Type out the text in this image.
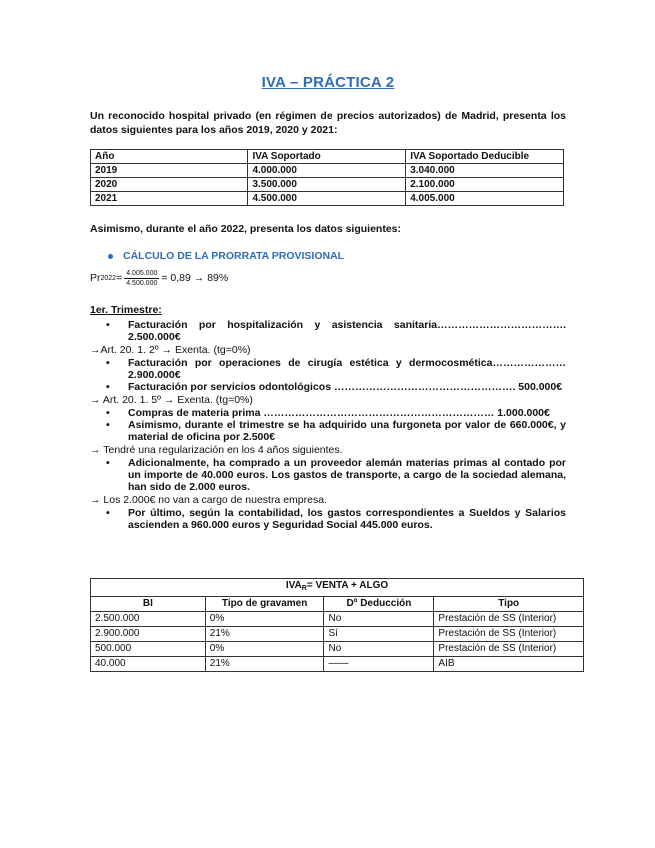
IVA – PRÁCTICA 2

Un reconocido hospital privado (en régimen de precios autorizados) de Madrid, presenta los datos siguientes para los años 2019, 2020 y 2021:

Año	IVA Soportado	IVA Soportado Deducible
2019	4.000.000	3.040.000
2020	3.500.000	2.100.000
2021	4.500.000	4.005.000

Asimismo, durante el año 2022, presenta los datos siguientes:

CÁLCULO DE LA PRORRATA PROVISIONAL
Pr $2022 = \frac{4.005.000}{4.500.000} = 0,89 \to 89\%$

1er. Trimestre:

•	Facturación por hospitalización y asistencia sanitaria………………………………. 2.500.000€

→Art. 20. 1. 2º → Exenta. (tg=0%)

•	Facturación por operaciones de cirugía estética y dermocosmética………………… 2.900.000€
•	Facturación por servicios odontológicos ……………………………………………. 500.000€

→ Art. 20. 1. 5º → Exenta. (tg=0%)

•	Compras de materia prima ………………………………………………………… 1.000.000€
•	Asimismo, durante el trimestre se ha adquirido una furgoneta por valor de 660.000€, y material de oficina por 2.500€

→ Tendré una regularización en los 4 años siguientes.

•	Adicionalmente, ha comprado a un proveedor alemán materias primas al contado por un importe de 40.000 euros. Los gastos de transporte, a cargo de la sociedad alemana, han sido de 2.000 euros.

→ Los 2.000€ no van a cargo de nuestra empresa.

•	Por último, según la contabilidad, los gastos correspondientes a Sueldos y Salarios ascienden a 960.000 euros y Seguridad Social 445.000 euros.
$IVA_R=$ VENTA + ALGO			
BI	Tipo de gravamen	Dº Deducción	Tipo
2.500.000	0%	No	Prestación de SS (Interior)
2.900.000	21%	Sí	Prestación de SS (Interior)
500.000	0%	No	Prestación de SS (Interior)
40.000	21%	——	AIB
